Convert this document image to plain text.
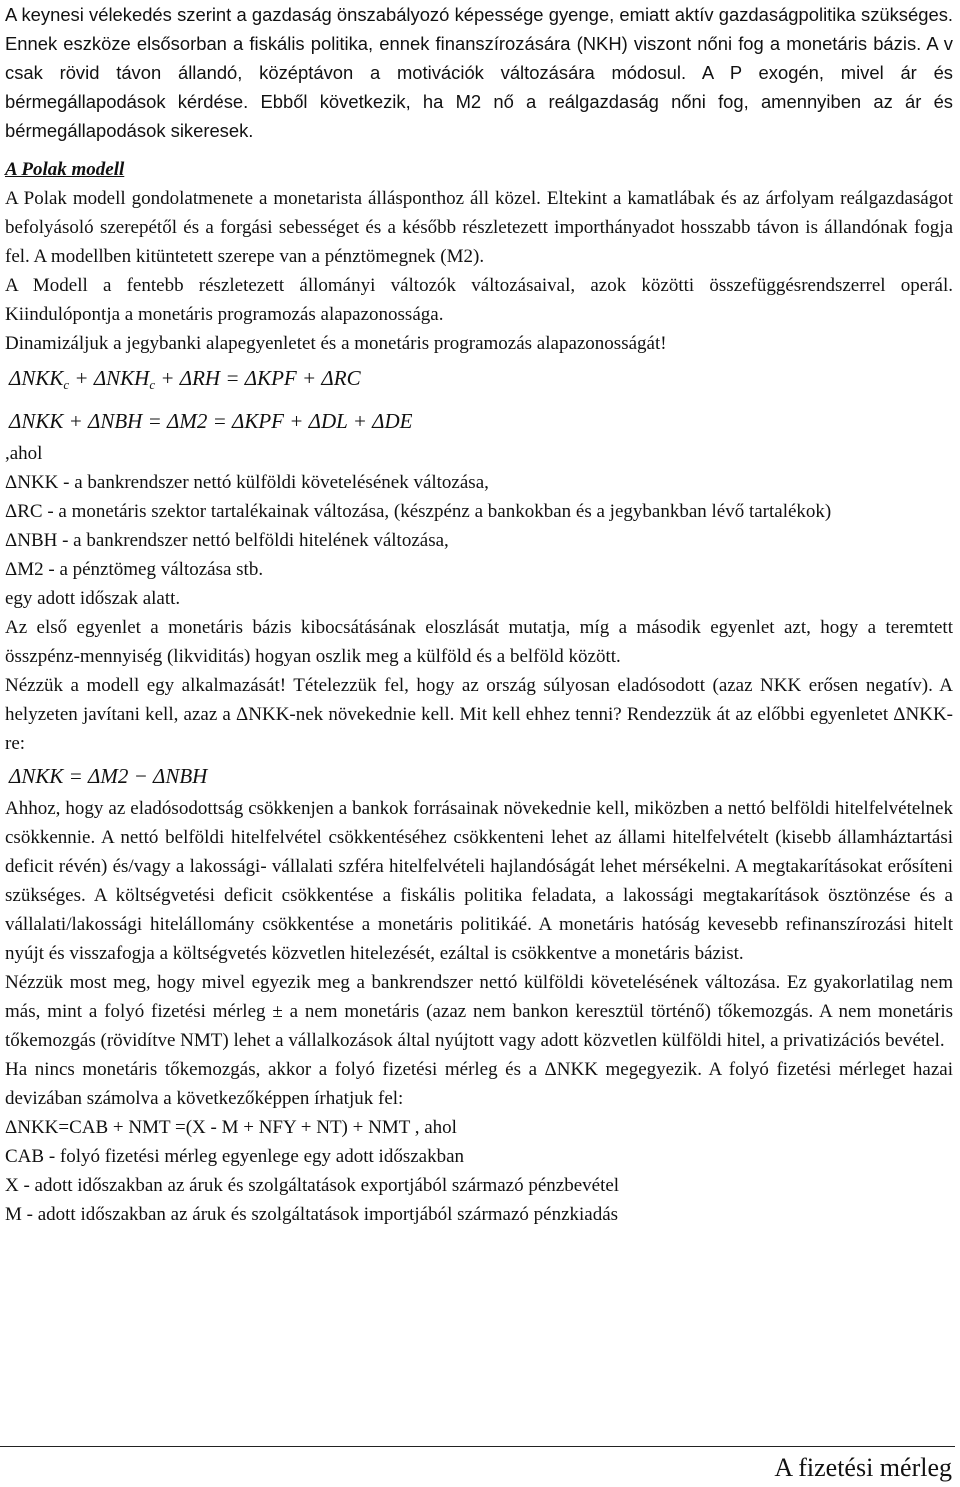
A keynesi vélekedés szerint a gazdaság önszabályozó képessége gyenge, emiatt aktív gazdaságpolitika szükséges. Ennek eszköze elsősorban a fiskális politika, ennek finanszírozására (NKH) viszont nőni fog a monetáris bázis. A v csak rövid távon állandó, középtávon a motivációk változására módosul. A P exogén, mivel ár és bérmegállapodások kérdése. Ebből következik, ha M2 nő a reálgazdaság nőni fog, amennyiben az ár és bérmegállapodások sikeresek.

A Polak modell

A Polak modell gondolatmenete a monetarista állásponthoz áll közel. Eltekint a kamatlábak és az árfolyam reálgazdaságot befolyásoló szerepétől és a forgási sebességet és a később részletezett importhányadot hosszabb távon is állandónak fogja fel. A modellben kitüntetett szerepe van a pénztömegnek (M2).

A Modell a fentebb részletezett állományi változók változásaival, azok közötti összefüggésrendszerrel operál. Kiindulópontja a monetáris programozás alapazonossága.

Dinamizáljuk a jegybanki alapegyenletet és a monetáris programozás alapazonosságát!

$\Delta NKK_c + \Delta NKH_c + \Delta RH = \Delta KPF + \Delta RC$
ΔNKK + ΔNBH = ΔM2 = ΔKPF + ΔDL + ΔDE

,ahol

ΔNKK - a bankrendszer nettó külföldi követelésének változása,

ΔRC - a monetáris szektor tartalékainak változása, (készpénz a bankokban és a jegybankban lévő tartalékok)

ΔNBH - a bankrendszer nettó belföldi hitelének változása,

ΔM2 - a pénztömeg változása stb.

egy adott időszak alatt.

Az első egyenlet a monetáris bázis kibocsátásának eloszlását mutatja, míg a második egyenlet azt, hogy a teremtett összpénz-mennyiség (likviditás) hogyan oszlik meg a külföld és a belföld között.

Nézzük a modell egy alkalmazását! Tételezzük fel, hogy az ország súlyosan eladósodott (azaz NKK erősen negatív). A helyzeten javítani kell, azaz a ΔNKK-nek növekednie kell. Mit kell ehhez tenni? Rendezzük át az előbbi egyenletet ΔNKK-re:

ΔNKK = ΔM2 − ΔNBH

Ahhoz, hogy az eladósodottság csökkenjen a bankok forrásainak növekednie kell, miközben a nettó belföldi hitelfelvételnek csökkennie. A nettó belföldi hitelfelvétel csökkentéséhez csökkenteni lehet az állami hitelfelvételt (kisebb államháztartási deficit révén) és/vagy a lakossági- vállalati szféra hitelfelvételi hajlandóságát lehet mérsékelni. A megtakarításokat erősíteni szükséges. A költségvetési deficit csökkentése a fiskális politika feladata, a lakossági megtakarítások ösztönzése és a vállalati/lakossági hitelállomány csökkentése a monetáris politikáé. A monetáris hatóság kevesebb refinanszírozási hitelt nyújt és visszafogja a költségvetés közvetlen hitelezését, ezáltal is csökkentve a monetáris bázist.

Nézzük most meg, hogy mivel egyezik meg a bankrendszer nettó külföldi követelésének változása. Ez gyakorlatilag nem más, mint a folyó fizetési mérleg ± a nem monetáris (azaz nem bankon keresztül történő) tőkemozgás. A nem monetáris tőkemozgás (rövidítve NMT) lehet a vállalkozások által nyújtott vagy adott közvetlen külföldi hitel, a privatizációs bevétel.

Ha nincs monetáris tőkemozgás, akkor a folyó fizetési mérleg és a ΔNKK megegyezik. A folyó fizetési mérleget hazai devizában számolva a következőképpen írhatjuk fel:

ΔNKK=CAB + NMT =(X - M + NFY + NT) + NMT , ahol
CAB - folyó fizetési mérleg egyenlege egy adott időszakban
X - adott időszakban az áruk és szolgáltatások exportjából származó pénzbevétel
M - adott időszakban az áruk és szolgáltatások importjából származó pénzkiadás
A fizetési mérleg
